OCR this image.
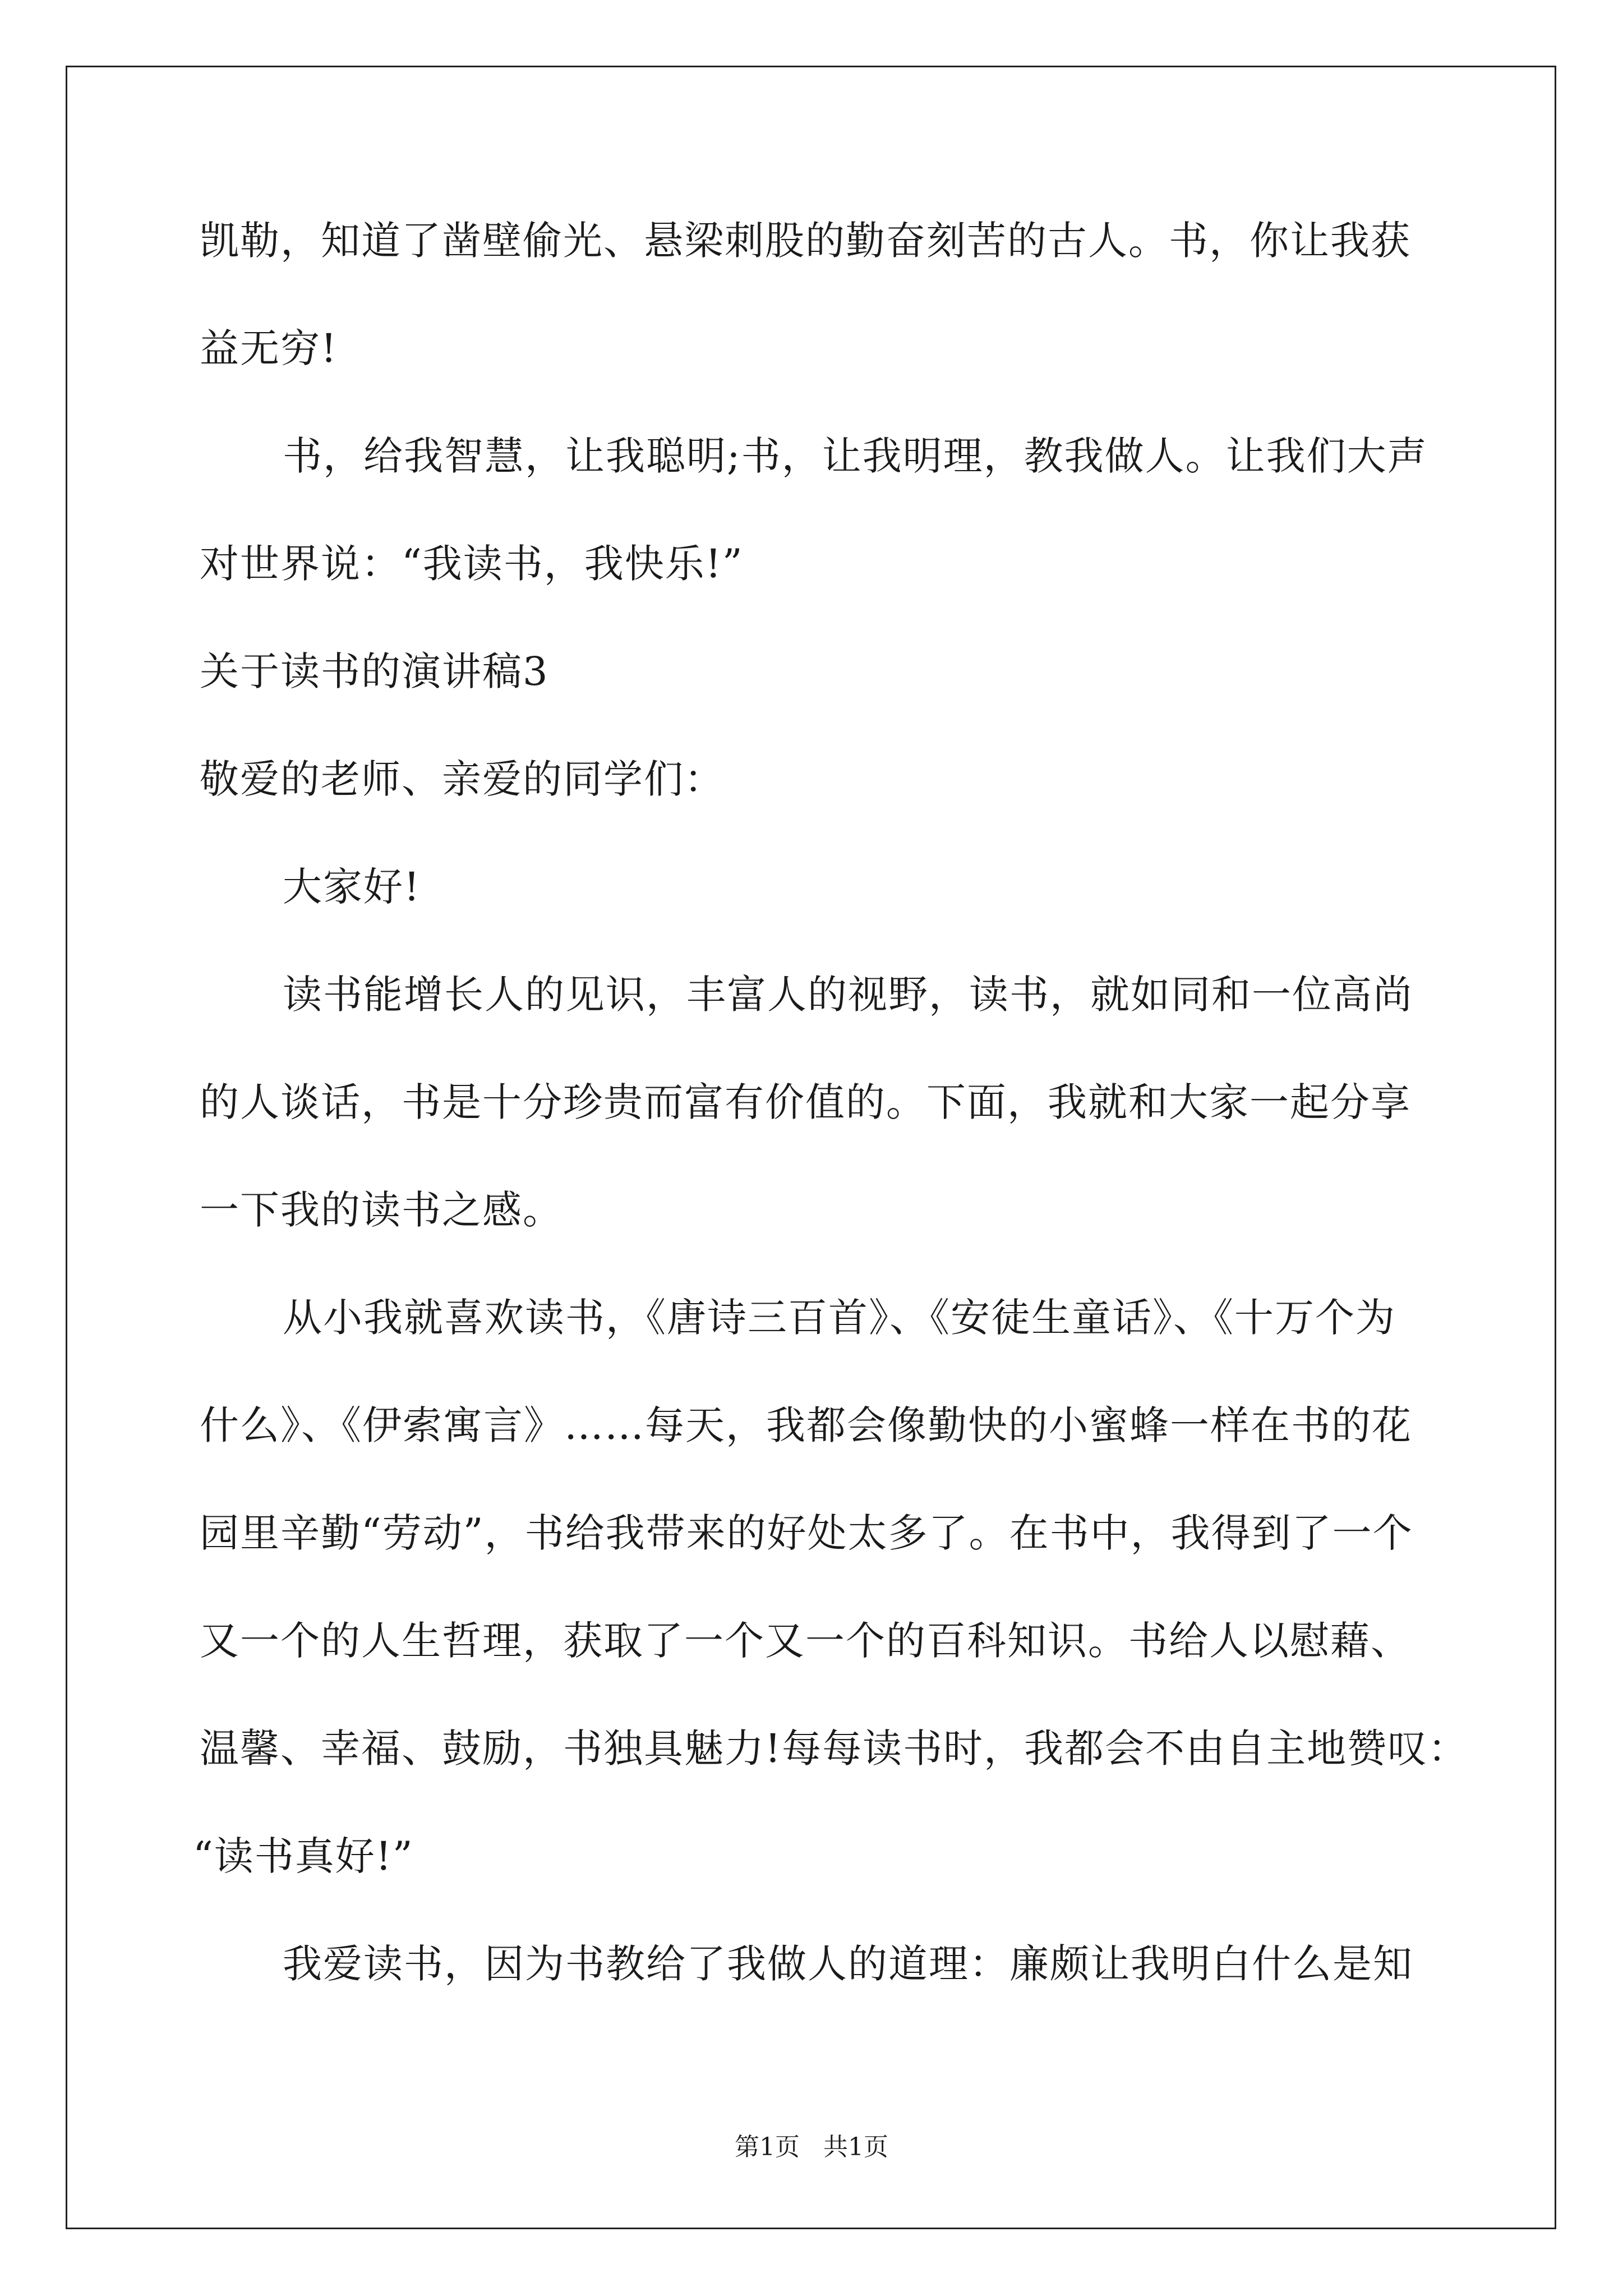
凯勒，知道了凿壁偷光、悬梁刺股的勤奋刻苦的古人。书，你让我获
益无穷!
书，给我智慧，让我聪明;书，让我明理，教我做人。让我们大声
对世界说：“我读书，我快乐!”
关于读书的演讲稿3
敬爱的老师、亲爱的同学们：
大家好!
读书能增长人的见识，丰富人的视野，读书，就如同和一位高尚
的人谈话，书是十分珍贵而富有价值的。下面，我就和大家一起分享
一下我的读书之感。
从小我就喜欢读书，《唐诗三百首》、《安徒生童话》、《十万个为
什么》、《伊索寓言》……每天，我都会像勤快的小蜜蜂一样在书的花
园里辛勤“劳动”，书给我带来的好处太多了。在书中，我得到了一个
又一个的人生哲理，获取了一个又一个的百科知识。书给人以慰藉、
温馨、幸福、鼓励，书独具魅力!每每读书时，我都会不由自主地赞叹：
“读书真好!”
我爱读书，因为书教给了我做人的道理：廉颇让我明白什么是知
第1页   共1页
